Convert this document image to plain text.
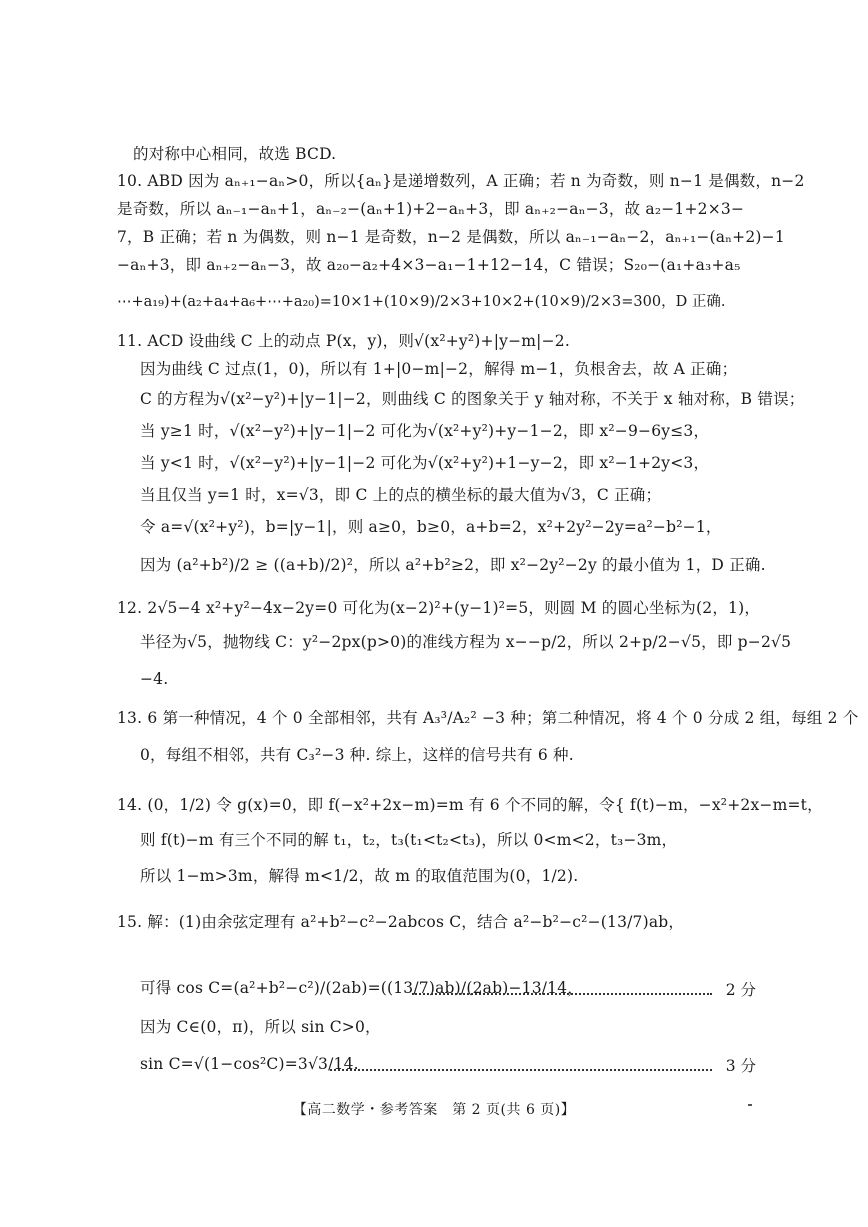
的对称中心相同，故选 BCD.
10. ABD 因为 aₙ₊₁−aₙ>0，所以{aₙ}是递增数列，A 正确；若 n 为奇数，则 n−1 是偶数，n−2
是奇数，所以 aₙ₋₁−aₙ+1，aₙ₋₂−(aₙ+1)+2−aₙ+3，即 aₙ₊₂−aₙ−3，故 a₂−1+2×3−
7，B 正确；若 n 为偶数，则 n−1 是奇数，n−2 是偶数，所以 aₙ₋₁−aₙ−2，aₙ₊₁−(aₙ+2)−1
−aₙ+3，即 aₙ₊₂−aₙ−3，故 a₂₀−a₂+4×3−a₁−1+12−14，C 错误；S₂₀−(a₁+a₃+a₅
⋯+a₁₉)+(a₂+a₄+a₆+⋯+a₂₀)=10×1+(10×9)/2×3+10×2+(10×9)/2×3=300，D 正确.
11. ACD 设曲线 C 上的动点 P(x，y)，则√(x²+y²)+|y−m|−2.
因为曲线 C 过点(1，0)，所以有 1+|0−m|−2，解得 m−1，负根舍去，故 A 正确；
C 的方程为√(x²−y²)+|y−1|−2，则曲线 C 的图象关于 y 轴对称，不关于 x 轴对称，B 错误；
当 y≥1 时，√(x²−y²)+|y−1|−2 可化为√(x²+y²)+y−1−2，即 x²−9−6y≤3，
当 y<1 时，√(x²−y²)+|y−1|−2 可化为√(x²+y²)+1−y−2，即 x²−1+2y<3，
当且仅当 y=1 时，x=√3，即 C 上的点的横坐标的最大值为√3，C 正确；
令 a=√(x²+y²)，b=|y−1|，则 a≥0，b≥0，a+b=2，x²+2y²−2y=a²−b²−1，
因为 (a²+b²)/2 ≥ ((a+b)/2)²，所以 a²+b²≥2，即 x²−2y²−2y 的最小值为 1，D 正确.
12. 2√5−4 x²+y²−4x−2y=0 可化为(x−2)²+(y−1)²=5，则圆 M 的圆心坐标为(2，1)，
半径为√5，抛物线 C：y²−2px(p>0)的准线方程为 x−−p/2，所以 2+p/2−√5，即 p−2√5
−4.
13. 6 第一种情况，4 个 0 全部相邻，共有 A₃³/A₂² −3 种；第二种情况，将 4 个 0 分成 2 组，每组 2 个
0，每组不相邻，共有 C₃²−3 种. 综上，这样的信号共有 6 种.
14. (0，1/2) 令 g(x)=0，即 f(−x²+2x−m)=m 有 6 个不同的解，令{ f(t)−m，−x²+2x−m=t，
则 f(t)−m 有三个不同的解 t₁，t₂，t₃(t₁<t₂<t₃)，所以 0<m<2，t₃−3m，
所以 1−m>3m，解得 m<1/2，故 m 的取值范围为(0，1/2).
15. 解：(1)由余弦定理有 a²+b²−c²−2abcos C，结合 a²−b²−c²−(13/7)ab，
可得 cos C=(a²+b²−c²)/(2ab)=((13/7)ab)/(2ab)−13/14，	2 分
因为 C∈(0，π)，所以 sin C>0，
sin C=√(1−cos²C)=3√3/14.	3 分
【高二数学・参考答案　第 2 页(共 6 页)】
